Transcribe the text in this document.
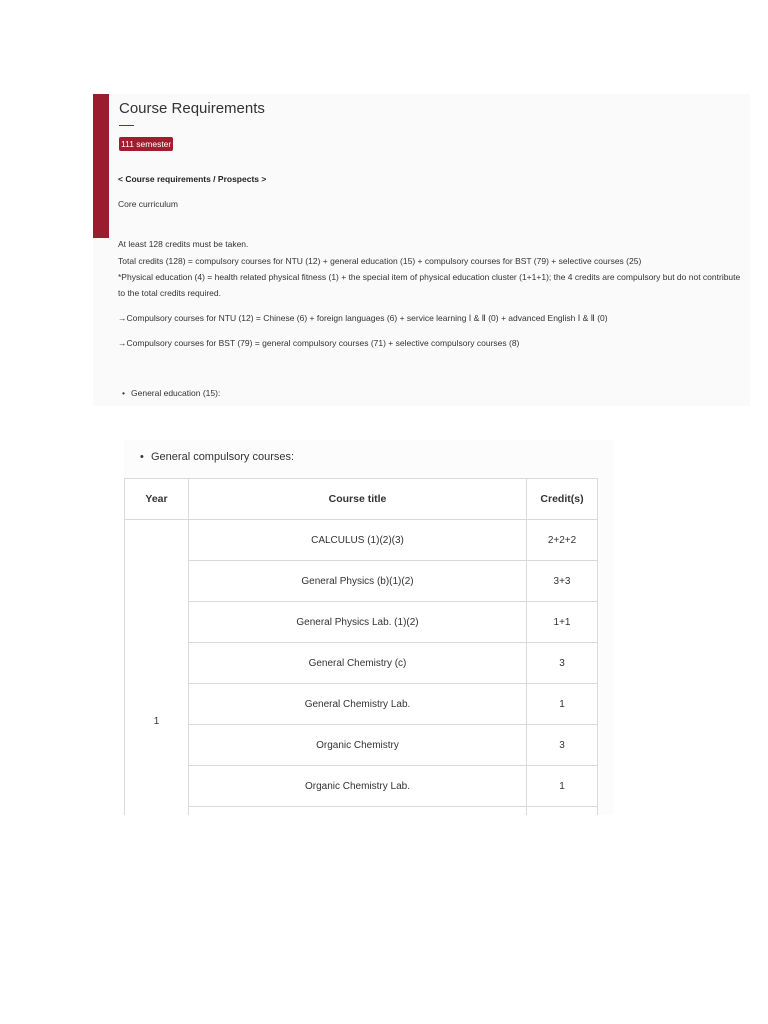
Course Requirements
111 semester
< Course requirements / Prospects >
Core curriculum
At least 128 credits must be taken.
Total credits (128) = compulsory courses for NTU (12) + general education (15) + compulsory courses for BST (79) + selective courses (25)
*Physical education (4) = health related physical fitness (1) + the special item of physical education cluster (1+1+1); the 4 credits are compulsory but do not contribute to the total credits required.
→Compulsory courses for NTU (12) = Chinese (6) + foreign languages (6) + service learning Ⅰ & Ⅱ (0) + advanced English Ⅰ & Ⅱ (0)
→Compulsory courses for BST (79) = general compulsory courses (71) + selective compulsory courses (8)
• General education (15):
• General compulsory courses:
Year	Course title	Credit(s)
1	CALCULUS (1)(2)(3)	2+2+2
	General Physics (b)(1)(2)	3+3
	General Physics Lab. (1)(2)	1+1
	General Chemistry (c)	3
	General Chemistry Lab.	1
	Organic Chemistry	3
	Organic Chemistry Lab.	1
